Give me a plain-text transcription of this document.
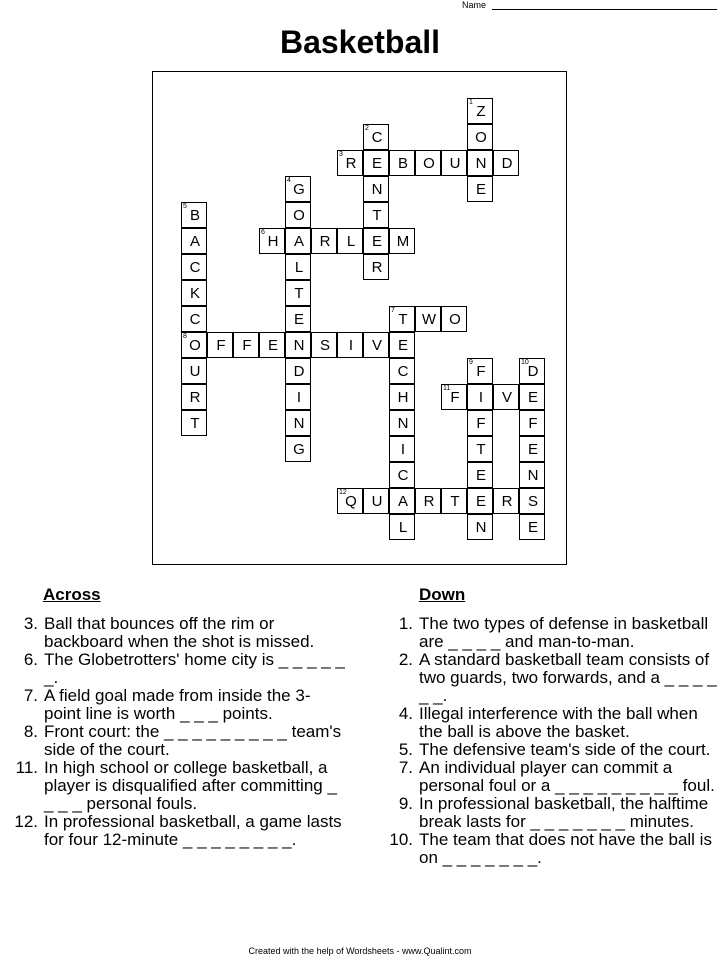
Name
Basketball
1
Z
2
C	O
3
R	E	B	O U	N	D
4
G	N	E
5
B	O	T
A
6
H	A	R	L	E M
C	L	R
K	T
C	E
7
T W O
8
O	F	F	E	N	S	I	V	E
U	D	C
9
F
10
D
R	I	H
11
F	I	V	E
T	N	N	F	F
G	I	T	E
C	E	N
12
Q U	A	R	T	E	R	S
L	N	E
Across
3. Ball that bounces off the rim or backboard when the shot is missed.
6. The Globetrotters' home city is _ _ _ _ _ _.
7. A field goal made from inside the 3-point line is worth _ _ _ points.
8. Front court: the _ _ _ _ _ _ _ _ _ team's side of the court.
11. In high school or college basketball, a player is disqualified after committing _ _ _ _ personal fouls.
12. In professional basketball, a game lasts for four 12-minute _ _ _ _ _ _ _ _.
Down
1. The two types of defense in basketball are _ _ _ _ and man-to-man.
2. A standard basketball team consists of two guards, two forwards, and a _ _ _ _ _ _.
4. Illegal interference with the ball when the ball is above the basket.
5. The defensive team's side of the court.
7. An individual player can commit a personal foul or a _ _ _ _ _ _ _ _ _ foul.
9. In professional basketball, the halftime break lasts for _ _ _ _ _ _ _ minutes.
10. The team that does not have the ball is on _ _ _ _ _ _ _.
Created with the help of Wordsheets - www.Qualint.com
